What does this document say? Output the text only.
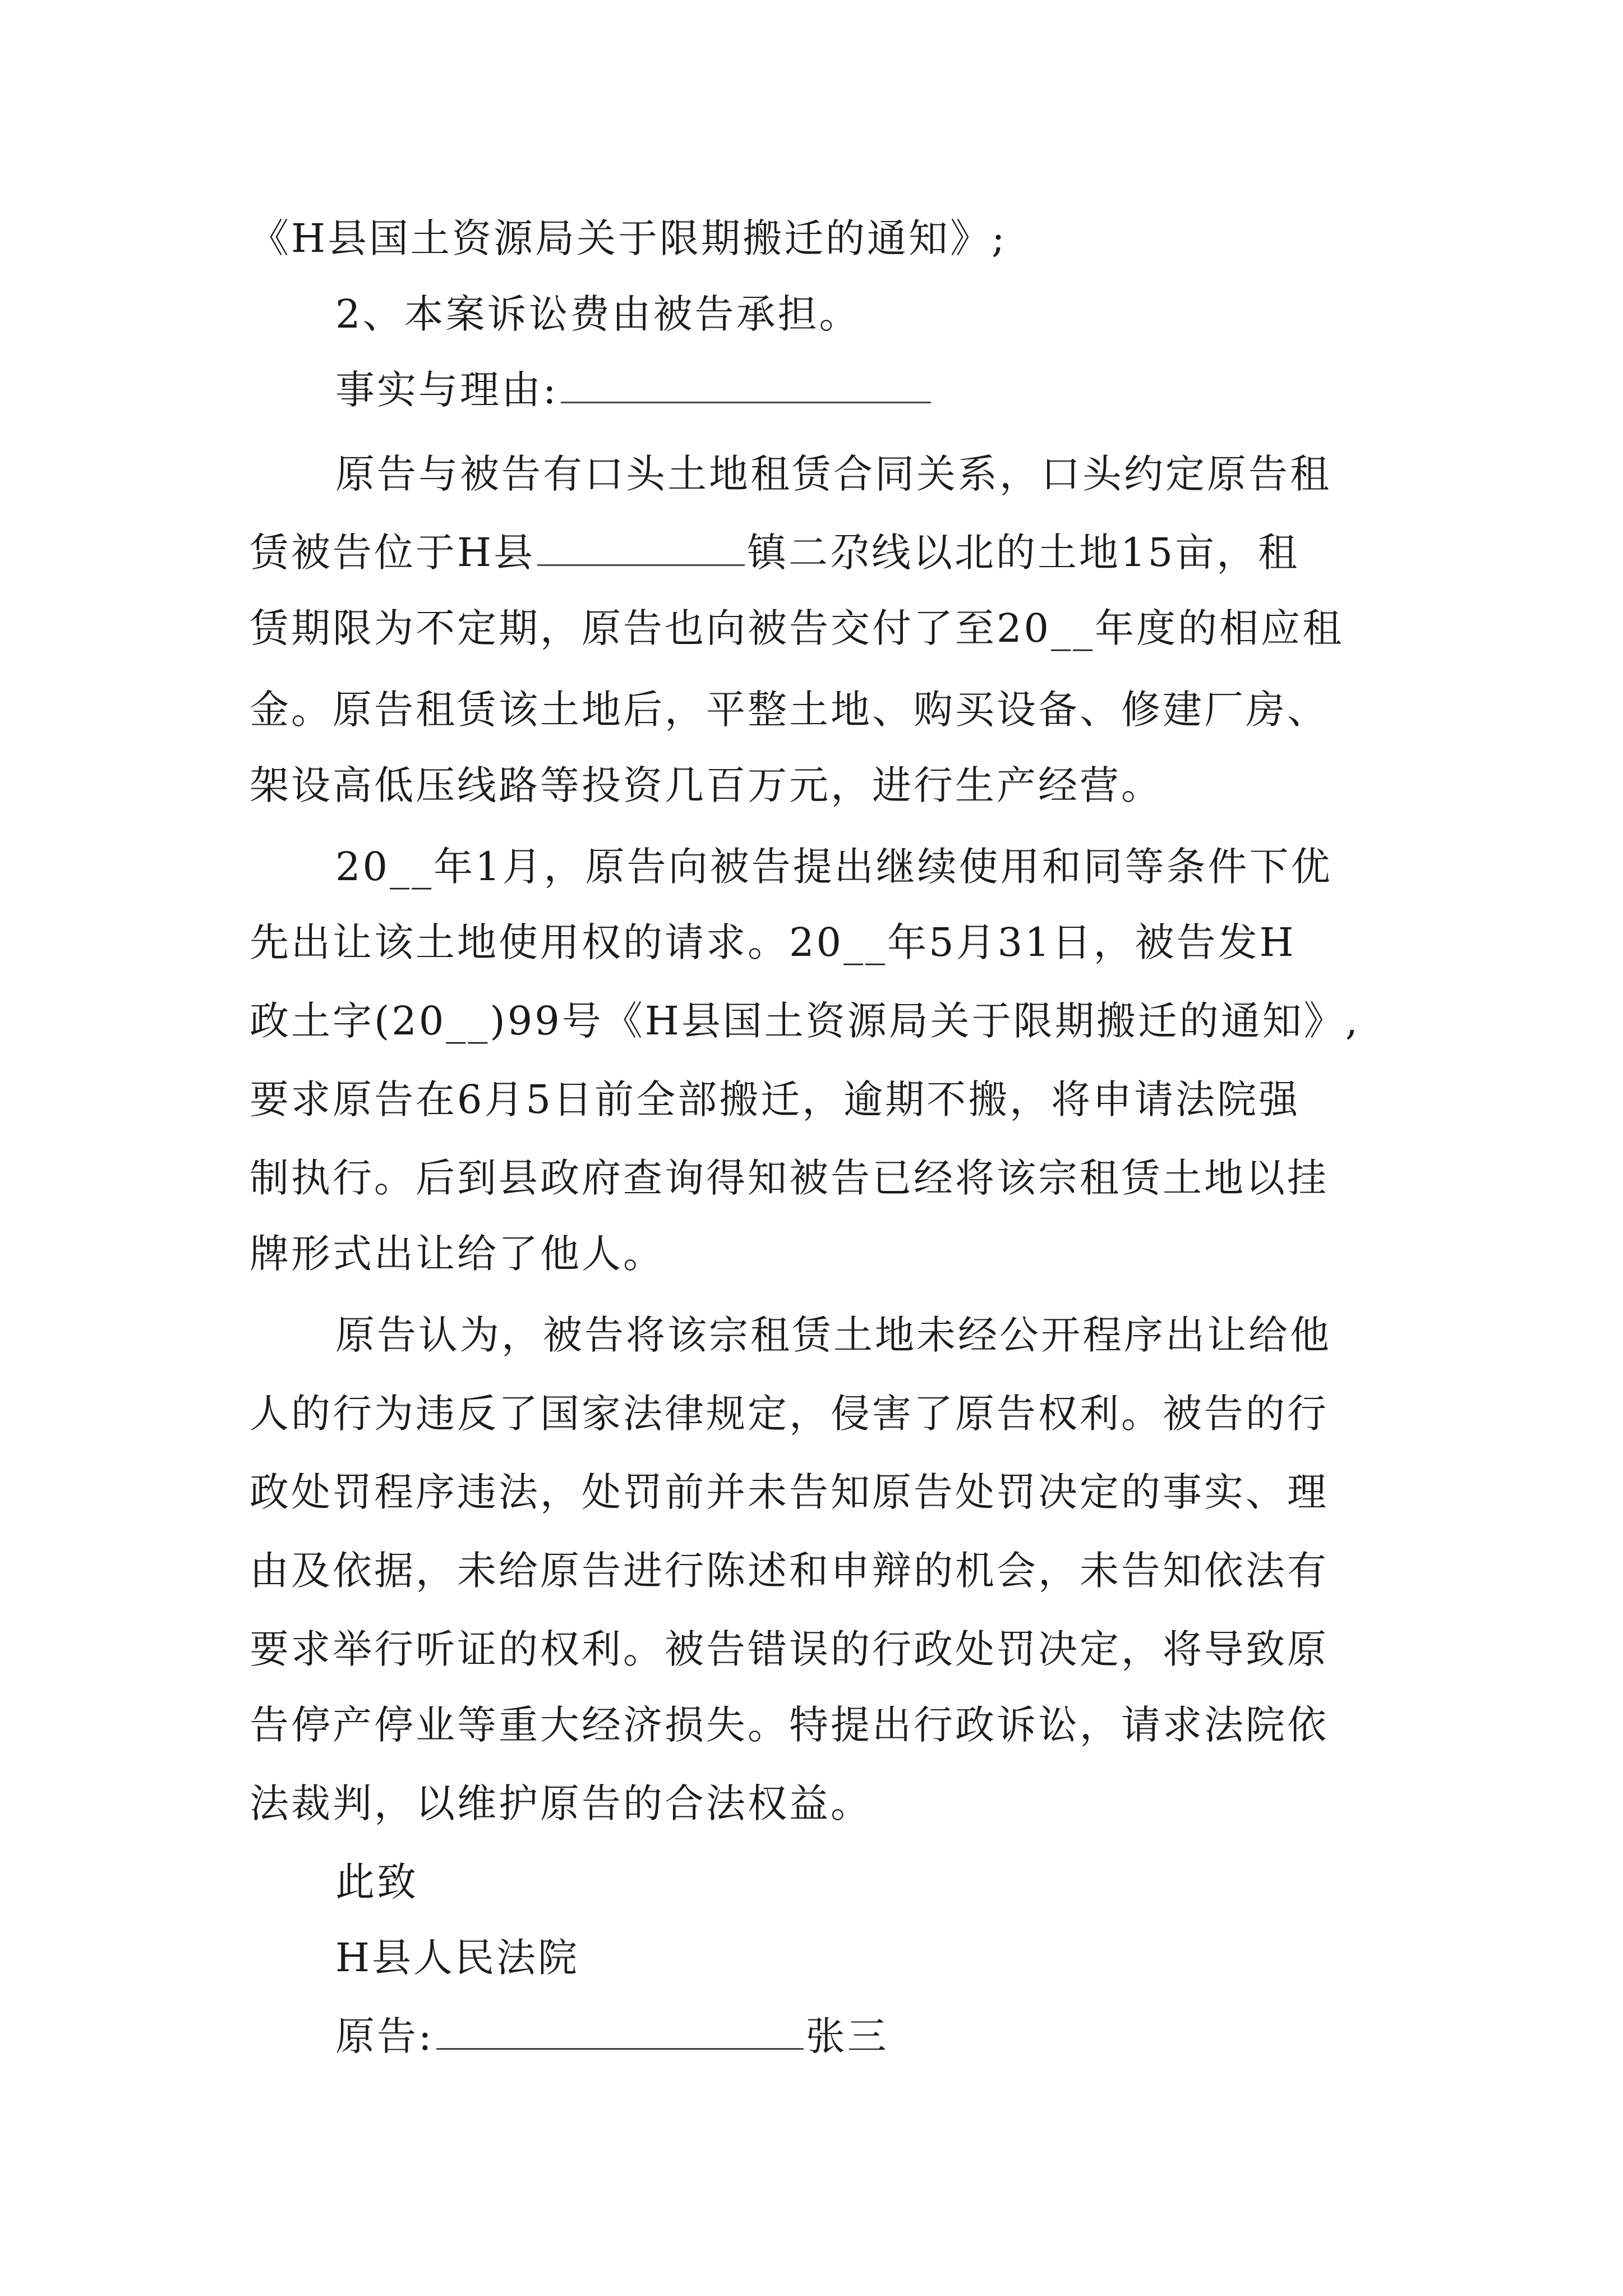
《H县国土资源局关于限期搬迁的通知》;
2、本案诉讼费由被告承担。
事实与理由:
原告与被告有口头土地租赁合同关系，口头约定原告租
赁被告位于H县	镇二尕线以北的土地15亩，租
赁期限为不定期，原告也向被告交付了至20__年度的相应租
金。原告租赁该土地后，平整土地、购买设备、修建厂房、
架设高低压线路等投资几百万元，进行生产经营。
20__年1月，原告向被告提出继续使用和同等条件下优
先出让该土地使用权的请求。20__年5月31日，被告发H
政土字(20__)99号《H县国土资源局关于限期搬迁的通知》,
要求原告在6月5日前全部搬迁，逾期不搬，将申请法院强
制执行。后到县政府查询得知被告已经将该宗租赁土地以挂
牌形式出让给了他人。
原告认为，被告将该宗租赁土地未经公开程序出让给他
人的行为违反了国家法律规定，侵害了原告权利。被告的行
政处罚程序违法，处罚前并未告知原告处罚决定的事实、理
由及依据，未给原告进行陈述和申辩的机会，未告知依法有
要求举行听证的权利。被告错误的行政处罚决定，将导致原
告停产停业等重大经济损失。特提出行政诉讼，请求法院依
法裁判，以维护原告的合法权益。
此致
H县人民法院
原告:	张三
